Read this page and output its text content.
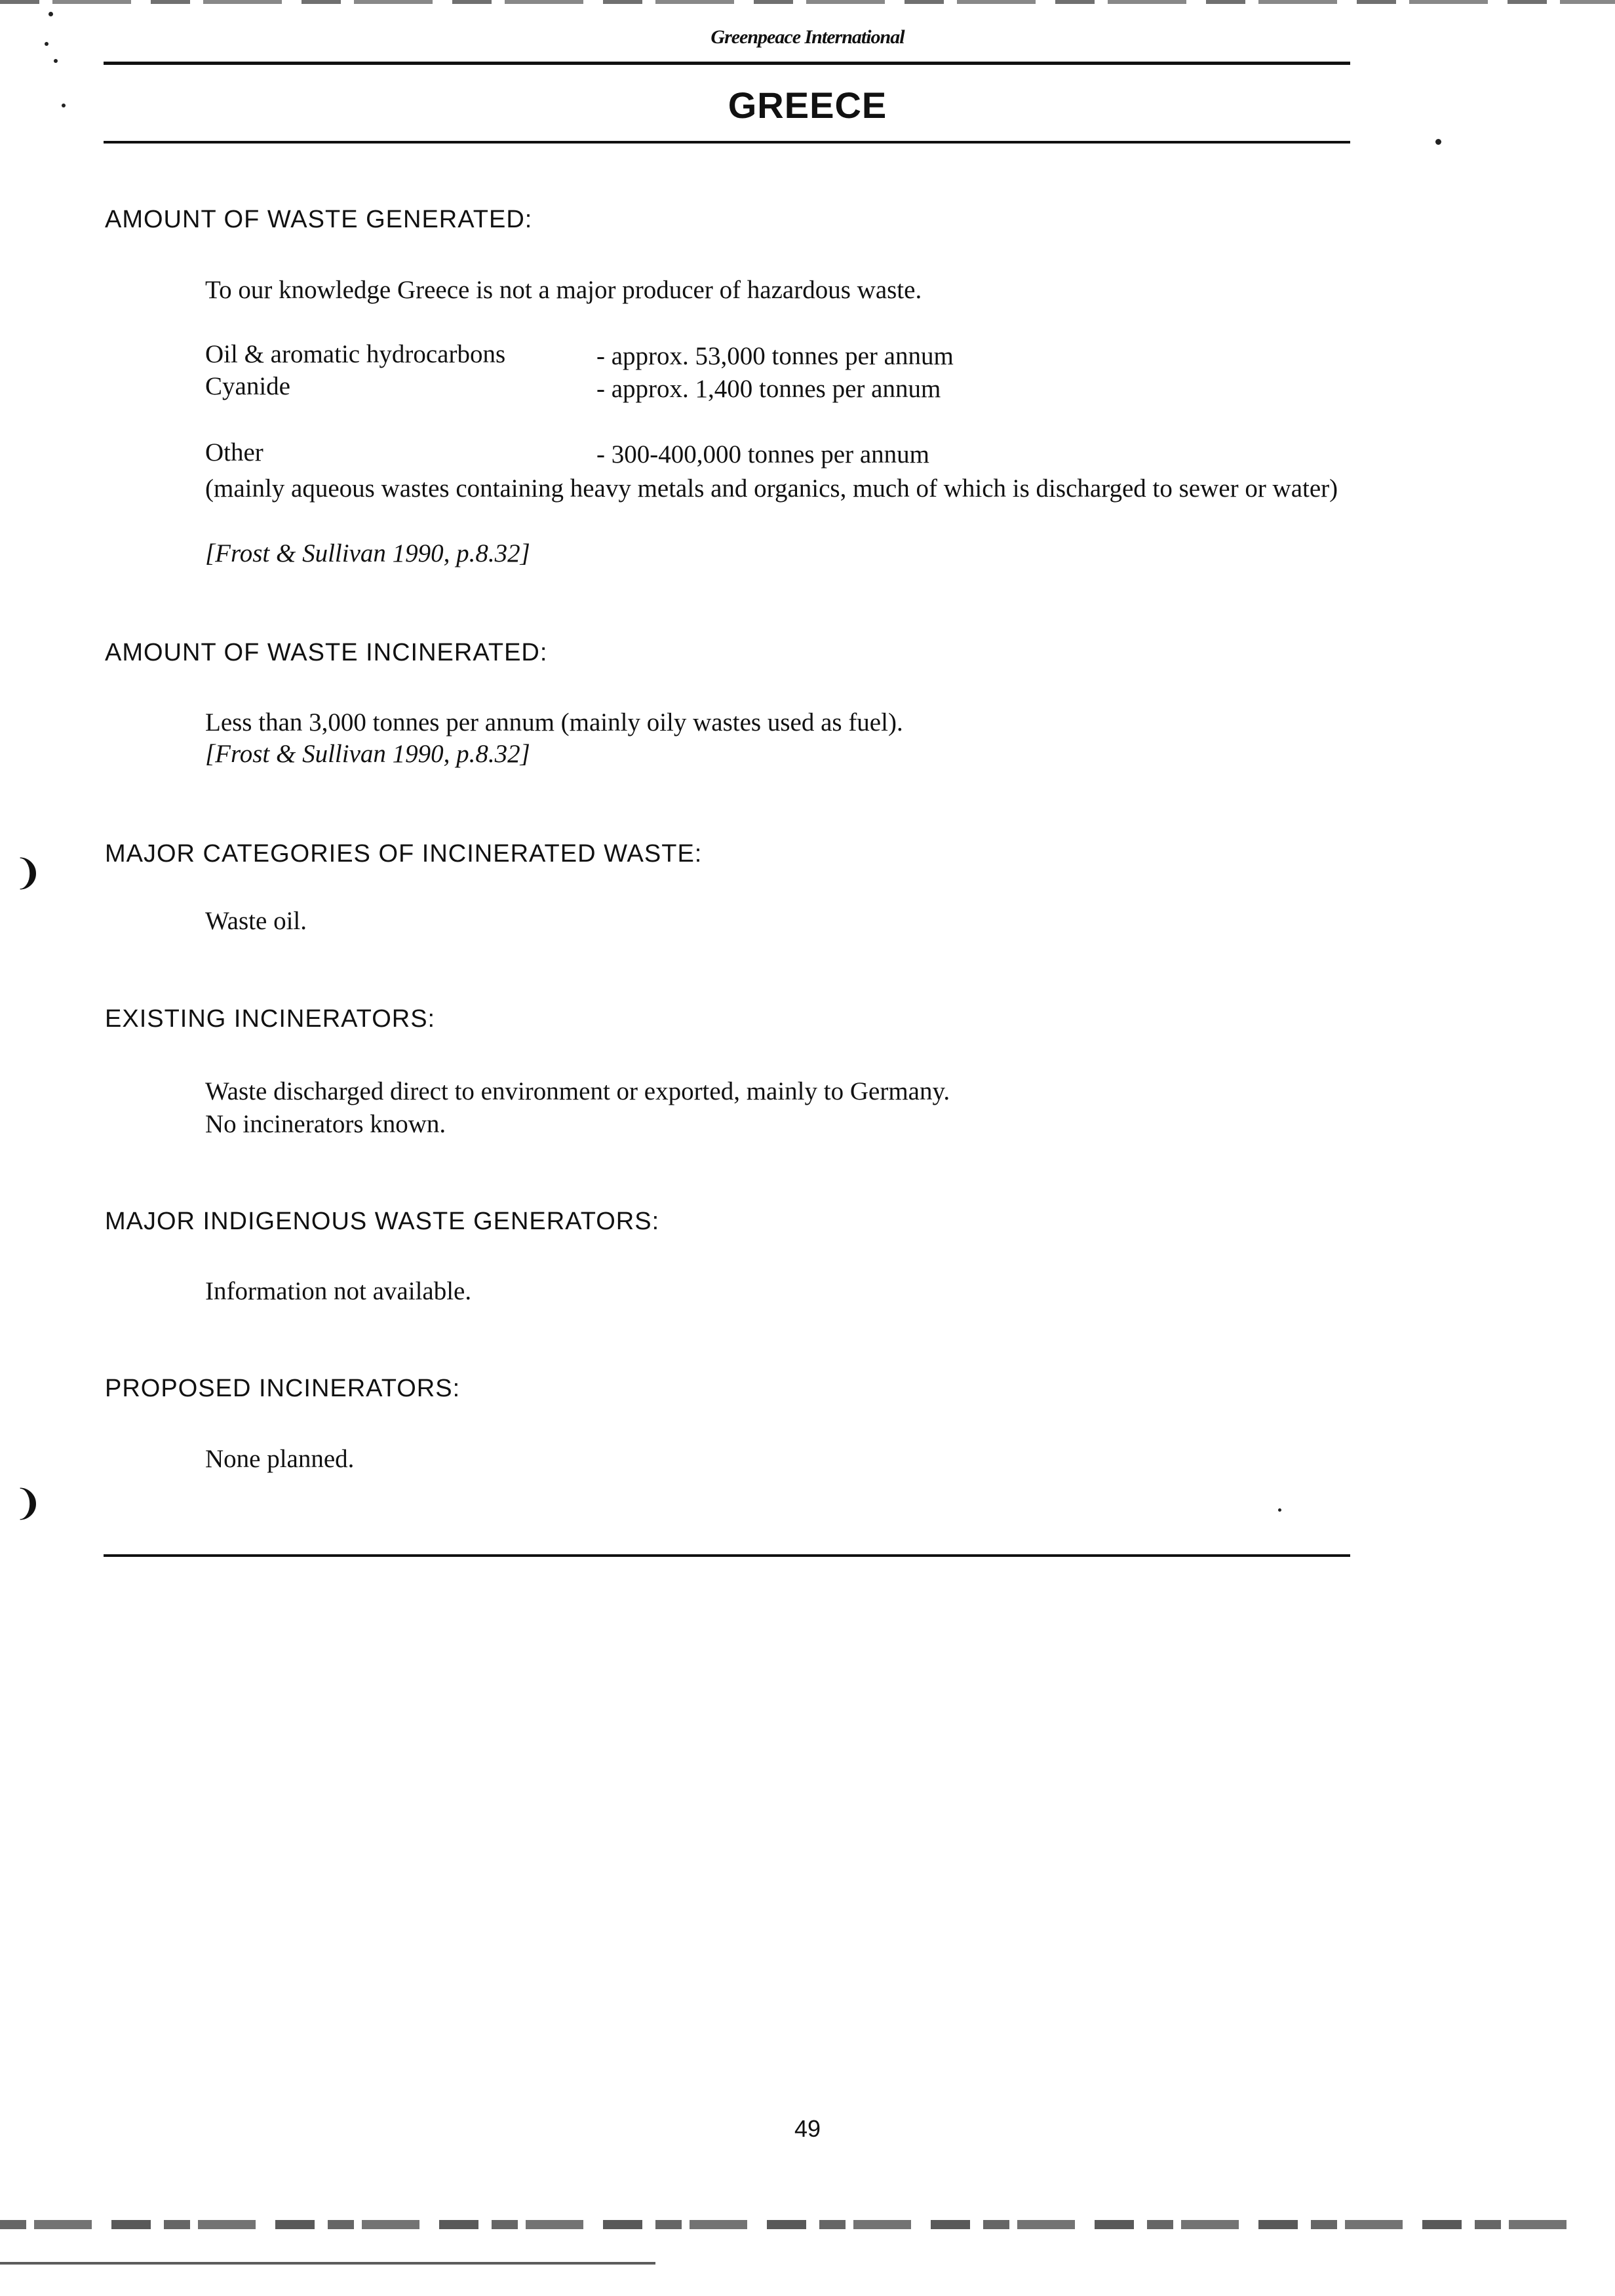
Greenpeace International
GREECE
AMOUNT OF WASTE GENERATED:
To our knowledge Greece is not a major producer of hazardous waste.
Oil & aromatic hydrocarbons	- approx. 53,000 tonnes per annum
Cyanide	- approx. 1,400 tonnes per annum
Other	- 300-400,000 tonnes per annum
(mainly aqueous wastes containing heavy metals and organics, much of which is discharged to sewer or water)
[Frost & Sullivan 1990, p.8.32]
AMOUNT OF WASTE INCINERATED:
Less than 3,000 tonnes per annum (mainly oily wastes used as fuel).
[Frost & Sullivan 1990, p.8.32]
MAJOR CATEGORIES OF INCINERATED WASTE:
Waste oil.
EXISTING INCINERATORS:
Waste discharged direct to environment or exported, mainly to Germany.
No incinerators known.
MAJOR INDIGENOUS WASTE GENERATORS:
Information not available.
PROPOSED INCINERATORS:
None planned.
❩
❩
49
